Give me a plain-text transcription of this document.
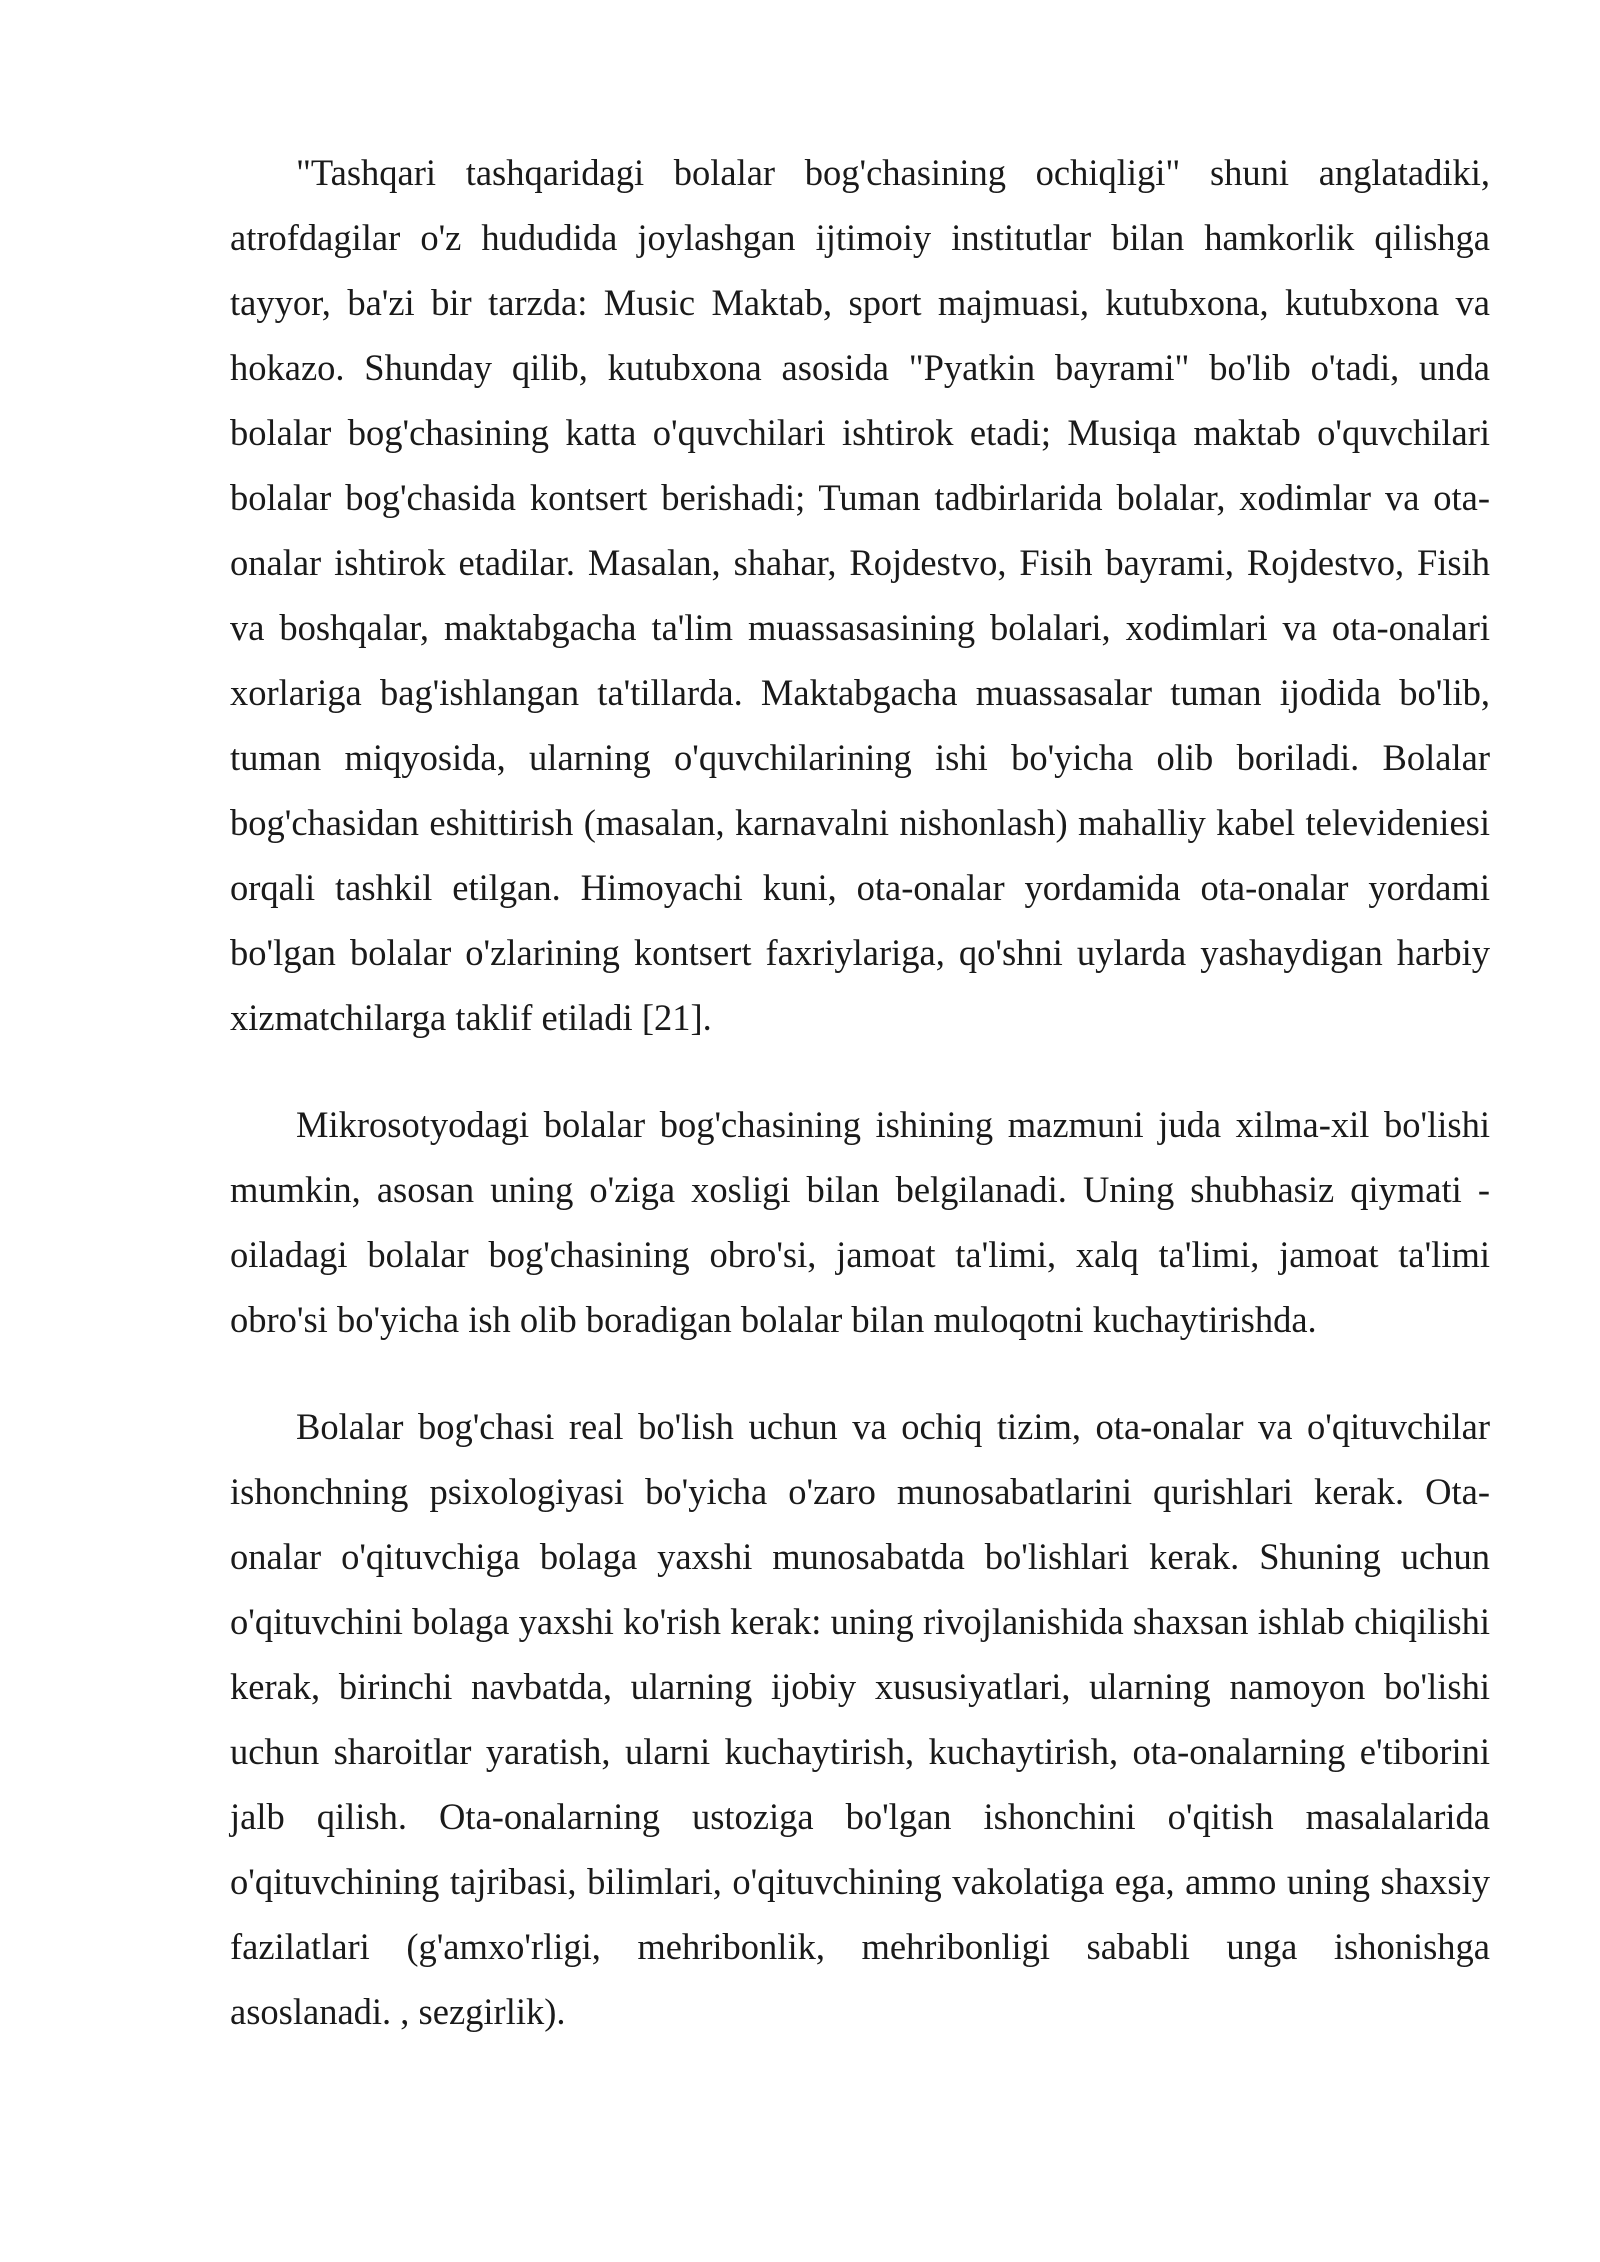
"Tashqari tashqaridagi bolalar bog'chasining ochiqligi" shuni anglatadiki, atrofdagilar o'z hududida joylashgan ijtimoiy institutlar bilan hamkorlik qilishga tayyor, ba'zi bir tarzda: Music Maktab, sport majmuasi, kutubxona, kutubxona va hokazo. Shunday qilib, kutubxona asosida "Pyatkin bayrami" bo'lib o'tadi, unda bolalar bog'chasining katta o'quvchilari ishtirok etadi; Musiqa maktab o'quvchilari bolalar bog'chasida kontsert berishadi; Tuman tadbirlarida bolalar, xodimlar va ota- onalar ishtirok etadilar. Masalan, shahar, Rojdestvo, Fisih bayrami, Rojdestvo, Fisih va boshqalar, maktabgacha ta'lim muassasasining bolalari, xodimlari va ota-onalari xorlariga bag'ishlangan ta'tillarda. Maktabgacha muassasalar tuman ijodida bo'lib, tuman miqyosida, ularning o'quvchilarining ishi bo'yicha olib boriladi. Bolalar bog'chasidan eshittirish (masalan, karnavalni nishonlash) mahalliy kabel televideniesi orqali tashkil etilgan. Himoyachi kuni, ota-onalar yordamida ota-onalar yordami bo'lgan bolalar o'zlarining kontsert faxriylariga, qo'shni uylarda yashaydigan harbiy xizmatchilarga taklif etiladi [21].

Mikrosotyodagi bolalar bog'chasining ishining mazmuni juda xilma-xil bo'lishi mumkin, asosan uning o'ziga xosligi bilan belgilanadi. Uning shubhasiz qiymati - oiladagi bolalar bog'chasining obro'si, jamoat ta'limi, xalq ta'limi, jamoat ta'limi obro'si bo'yicha ish olib boradigan bolalar bilan muloqotni kuchaytirishda.

Bolalar bog'chasi real bo'lish uchun va ochiq tizim, ota-onalar va o'qituvchilar ishonchning psixologiyasi bo'yicha o'zaro munosabatlarini qurishlari kerak. Ota-onalar o'qituvchiga bolaga yaxshi munosabatda bo'lishlari kerak. Shuning uchun o'qituvchini bolaga yaxshi ko'rish kerak: uning rivojlanishida shaxsan ishlab chiqilishi kerak, birinchi navbatda, ularning ijobiy xususiyatlari, ularning namoyon bo'lishi uchun sharoitlar yaratish, ularni kuchaytirish, kuchaytirish, ota-onalarning e'tiborini jalb qilish. Ota-onalarning ustoziga bo'lgan ishonchini o'qitish masalalarida o'qituvchining tajribasi, bilimlari, o'qituvchining vakolatiga ega, ammo uning shaxsiy fazilatlari (g'amxo'rligi, mehribonlik, mehribonligi sababli unga ishonishga asoslanadi. , sezgirlik).
